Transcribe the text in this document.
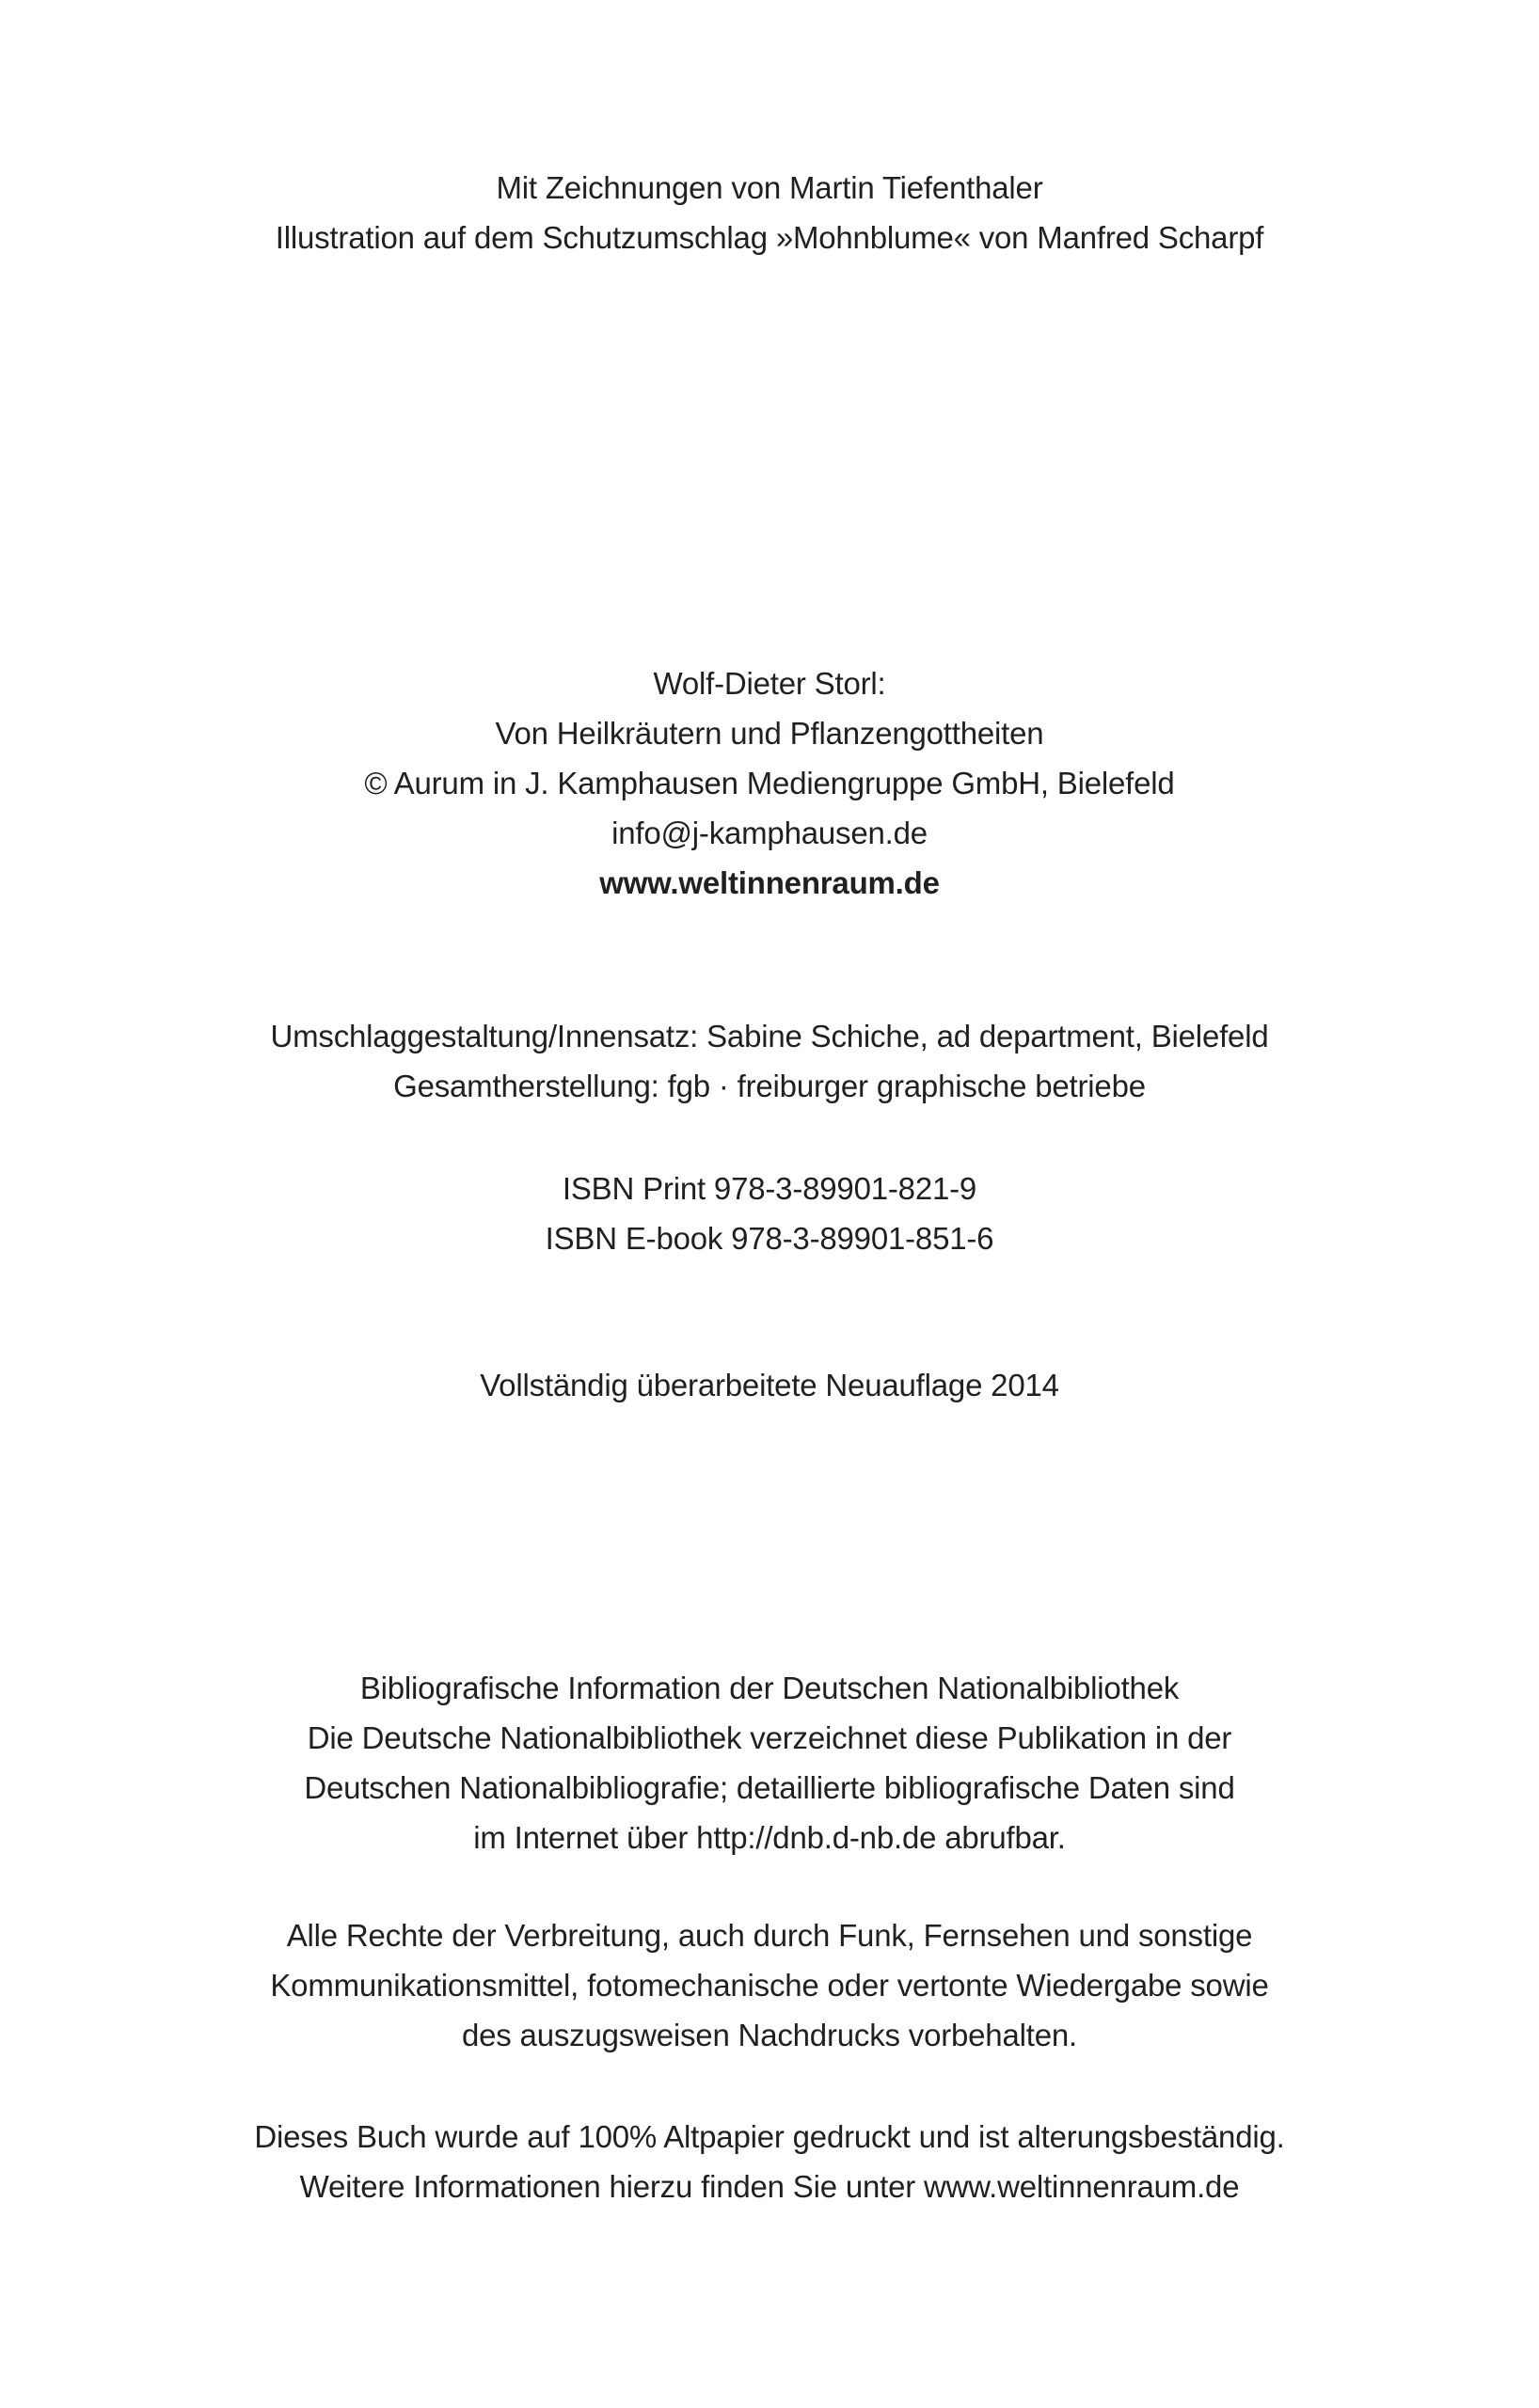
Mit Zeichnungen von Martin Tiefenthaler
Illustration auf dem Schutzumschlag »Mohnblume« von Manfred Scharpf
Wolf-Dieter Storl:
Von Heilkräutern und Pflanzengottheiten
© Aurum in J. Kamphausen Mediengruppe GmbH, Bielefeld
info@j-kamphausen.de
www.weltinnenraum.de
Umschlaggestaltung/Innensatz: Sabine Schiche, ad department, Bielefeld
Gesamtherstellung: fgb · freiburger graphische betriebe
ISBN Print 978-3-89901-821-9
ISBN E-book 978-3-89901-851-6
Vollständig überarbeitete Neuauflage 2014
Bibliografische Information der Deutschen Nationalbibliothek
Die Deutsche Nationalbibliothek verzeichnet diese Publikation in der
Deutschen Nationalbibliografie; detaillierte bibliografische Daten sind
im Internet über http://dnb.d-nb.de abrufbar.
Alle Rechte der Verbreitung, auch durch Funk, Fernsehen und sonstige
Kommunikationsmittel, fotomechanische oder vertonte Wiedergabe sowie
des auszugsweisen Nachdrucks vorbehalten.
Dieses Buch wurde auf 100% Altpapier gedruckt und ist alterungsbeständig.
Weitere Informationen hierzu finden Sie unter www.weltinnenraum.de
